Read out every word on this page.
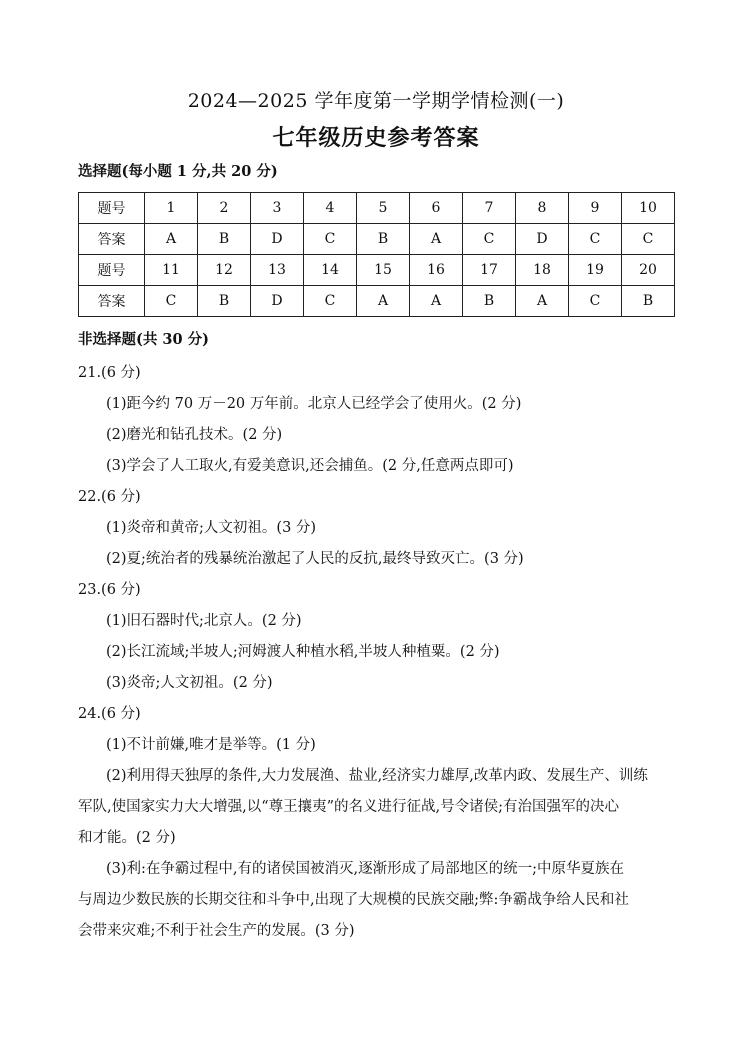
2024—2025 学年度第一学期学情检测(一)
七年级历史参考答案
选择题(每小题 1 分,共 20 分)
题号	1	2	3	4	5	6	7	8	9	10
答案	A	B	D	C	B	A	C	D	C	C
题号	11	12	13	14	15	16	17	18	19	20
答案	C	B	D	C	A	A	B	A	C	B
非选择题(共 30 分)
21.(6 分)
(1)距今约 70 万－20 万年前。北京人已经学会了使用火。(2 分)
(2)磨光和钻孔技术。(2 分)
(3)学会了人工取火,有爱美意识,还会捕鱼。(2 分,任意两点即可)
22.(6 分)
(1)炎帝和黄帝;人文初祖。(3 分)
(2)夏;统治者的残暴统治激起了人民的反抗,最终导致灭亡。(3 分)
23.(6 分)
(1)旧石器时代;北京人。(2 分)
(2)长江流域;半坡人;河姆渡人种植水稻,半坡人种植粟。(2 分)
(3)炎帝;人文初祖。(2 分)
24.(6 分)
(1)不计前嫌,唯才是举等。(1 分)
(2)利用得天独厚的条件,大力发展渔、盐业,经济实力雄厚,改革内政、发展生产、训练
军队,使国家实力大大增强,以“尊王攘夷”的名义进行征战,号令诸侯;有治国强军的决心
和才能。(2 分)
(3)利:在争霸过程中,有的诸侯国被消灭,逐渐形成了局部地区的统一;中原华夏族在
与周边少数民族的长期交往和斗争中,出现了大规模的民族交融;弊:争霸战争给人民和社
会带来灾难;不利于社会生产的发展。(3 分)
